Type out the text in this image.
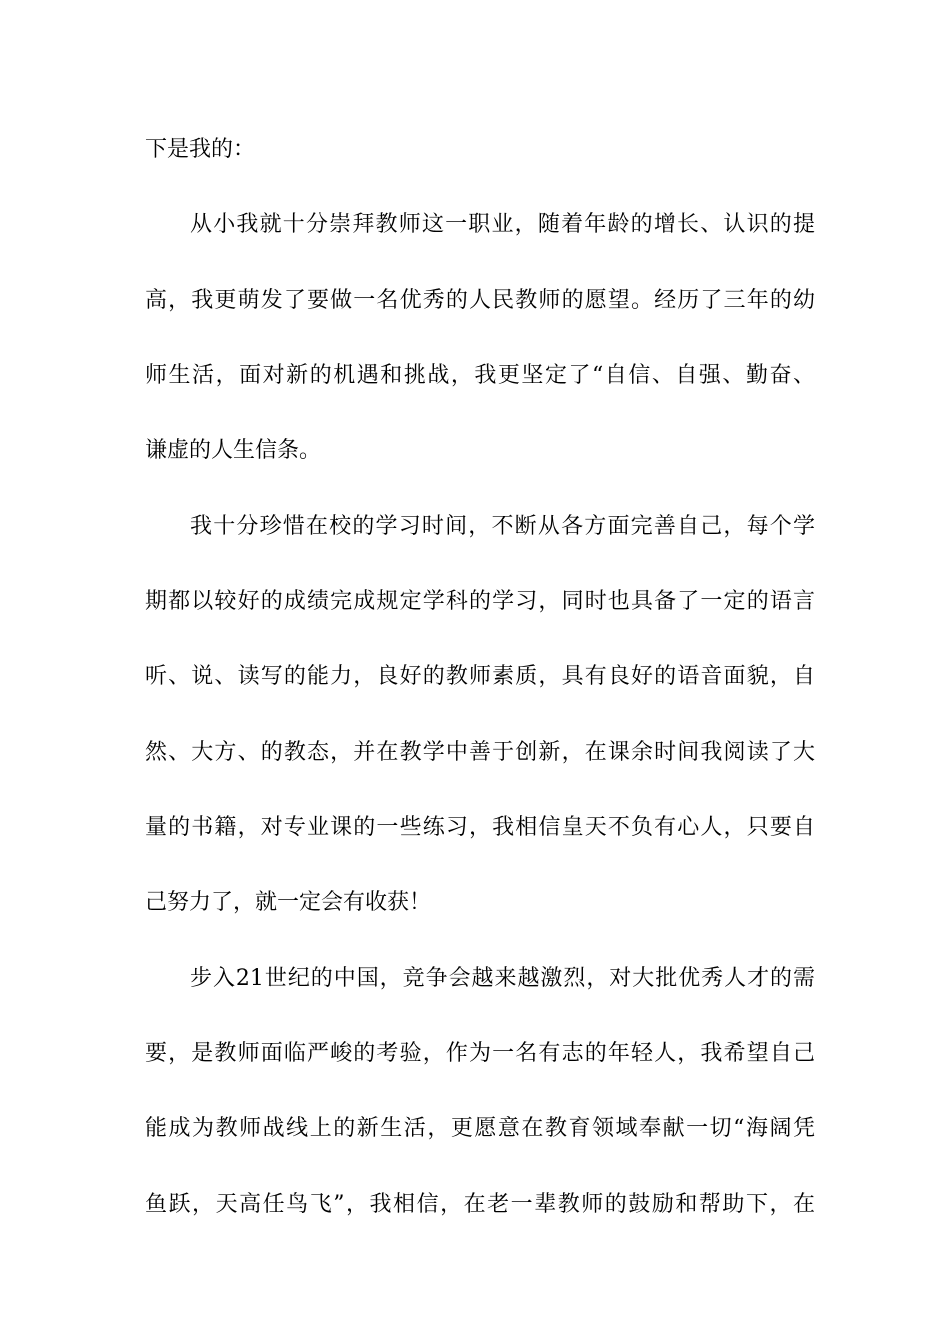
下是我的：
从小我就十分崇拜教师这一职业，随着年龄的增长、认识的提
高，我更萌发了要做一名优秀的人民教师的愿望。经历了三年的幼
师生活，面对新的机遇和挑战，我更坚定了“自信、自强、勤奋、
谦虚的人生信条。
我十分珍惜在校的学习时间，不断从各方面完善自己，每个学
期都以较好的成绩完成规定学科的学习，同时也具备了一定的语言
听、说、读写的能力，良好的教师素质，具有良好的语音面貌，自
然、大方、的教态，并在教学中善于创新，在课余时间我阅读了大
量的书籍，对专业课的一些练习，我相信皇天不负有心人，只要自
己努力了，就一定会有收获！
步入21世纪的中国，竞争会越来越激烈，对大批优秀人才的需
要，是教师面临严峻的考验，作为一名有志的年轻人，我希望自己
能成为教师战线上的新生活，更愿意在教育领域奉献一切“海阔凭
鱼跃，天高任鸟飞”，我相信，在老一辈教师的鼓励和帮助下，在
